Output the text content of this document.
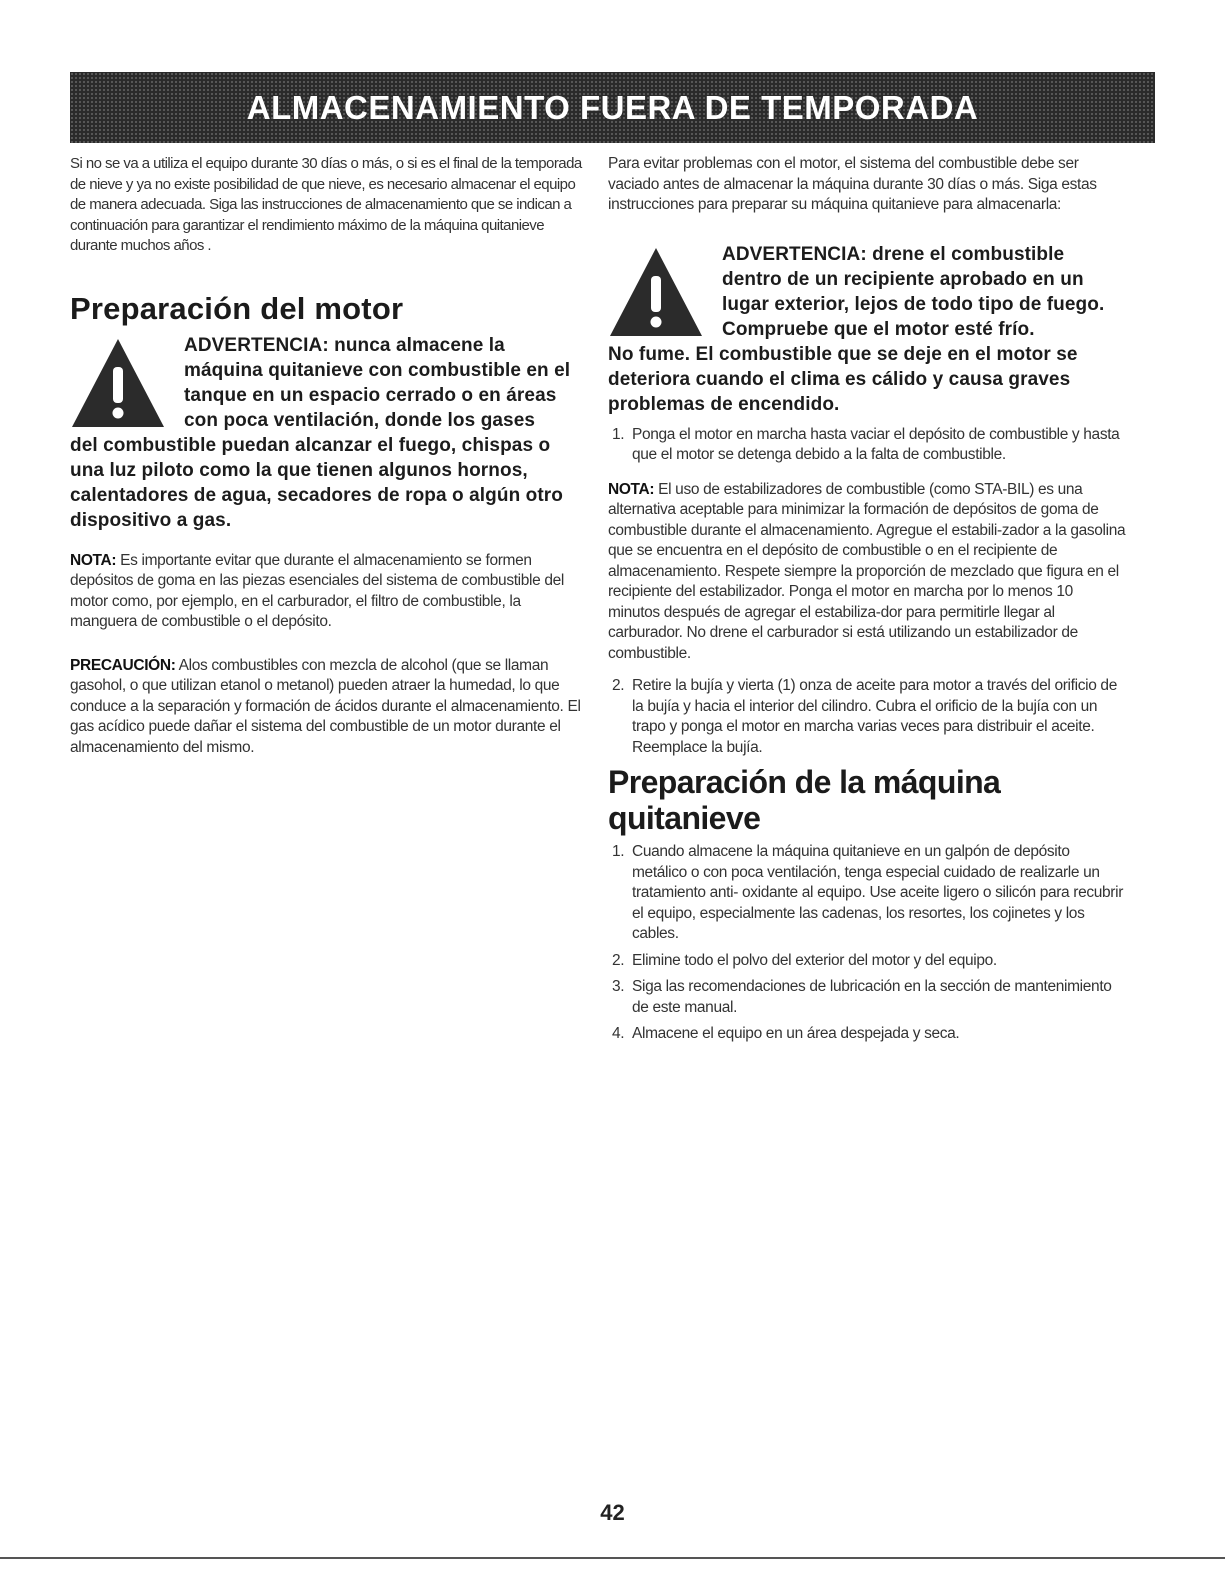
ALMACENAMIENTO FUERA DE TEMPORADA

Si no se va a utiliza el equipo durante 30 días o más, o si es el final de la temporada de nieve y ya no existe posibilidad de que nieve, es necesario almacenar el equipo de manera adecuada. Siga las instrucciones de almacenamiento que se indican a continuación para garantizar el rendimiento máximo de la máquina quitanieve durante muchos años .

Preparación del motor
ADVERTENCIA: nunca almacene la máquina quitanieve con combustible en el tanque en un espacio cerrado o en áreas con poca ventilación, donde los gases
del combustible puedan alcanzar el fuego, chispas o una luz piloto como la que tienen algunos hornos, calentadores de agua, secadores de ropa o algún otro dispositivo a gas.

NOTA: Es importante evitar que durante el almacenamiento se formen depósitos de goma en las piezas esenciales del sistema de combustible del motor como, por ejemplo, en el carburador, el filtro de combustible, la manguera de combustible o el depósito.

PRECAUCIÓN: Alos combustibles con mezcla de alcohol (que se llaman gasohol, o que utilizan etanol o metanol) pueden atraer la humedad, lo que conduce a la separación y formación de ácidos durante el almacenamiento. El gas acídico puede dañar el sistema del combustible de un motor durante el almacenamiento del mismo.

Para evitar problemas con el motor, el sistema del combustible debe ser vaciado antes de almacenar la máquina durante 30 días o más. Siga estas instrucciones para preparar su máquina quitanieve para almacenarla:

ADVERTENCIA: drene el combustible dentro de un recipiente aprobado en un lugar exterior, lejos de todo tipo de fuego. Compruebe que el motor esté frío.
No fume. El combustible que se deje en el motor se deteriora cuando el clima es cálido y causa graves problemas de encendido.
1. Ponga el motor en marcha hasta vaciar el depósito de combustible y hasta que el motor se detenga debido a la falta de combustible.

NOTA: El uso de estabilizadores de combustible (como STA-BIL) es una alternativa aceptable para minimizar la formación de depósitos de goma de combustible durante el almacenamiento. Agregue el estabili-zador a la gasolina que se encuentra en el depósito de combustible o en el recipiente de almacenamiento. Respete siempre la proporción de mezclado que figura en el recipiente del estabilizador. Ponga el motor en marcha por lo menos 10 minutos después de agregar el estabiliza-dor para permitirle llegar al carburador. No drene el carburador si está utilizando un estabilizador de combustible.

2. Retire la bujía y vierta (1) onza de aceite para motor a través del orificio de la bujía y hacia el interior del cilindro. Cubra el orificio de la bujía con un trapo y ponga el motor en marcha varias veces para distribuir el aceite. Reemplace la bujía.
Preparación de la máquina quitanieve
1. Cuando almacene la máquina quitanieve en un galpón de depósito metálico o con poca ventilación, tenga especial cuidado de realizarle un tratamiento anti- oxidante al equipo. Use aceite ligero o silicón para recubrir el equipo, especialmente las cadenas, los resortes, los cojinetes y los cables.
2. Elimine todo el polvo del exterior del motor y del equipo.
3. Siga las recomendaciones de lubricación en la sección de mantenimiento de este manual.
4. Almacene el equipo en un área despejada y seca.
42
